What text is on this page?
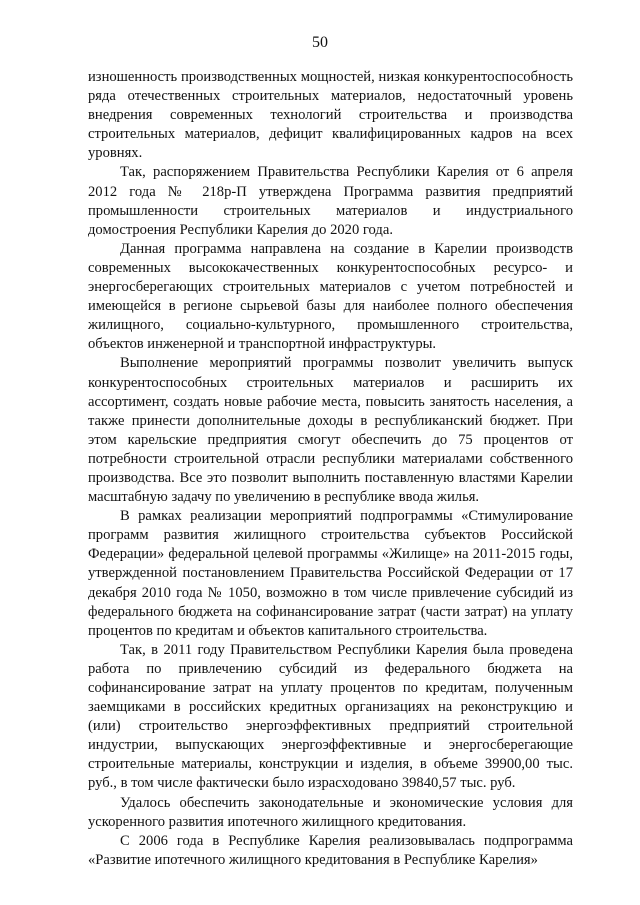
50

изношенность производственных мощностей, низкая конкурентоспособность ряда отечественных строительных материалов, недостаточный уровень внедрения современных технологий строительства и производства строительных материалов, дефицит квалифицированных кадров на всех уровнях.

Так, распоряжением Правительства Республики Карелия от 6 апреля 2012 года № 218р-П утверждена Программа развития предприятий промышленности строительных материалов и индустриального домостроения Республики Карелия до 2020 года.

Данная программа направлена на создание в Карелии производств современных высококачественных конкурентоспособных ресурсо- и энергосберегающих строительных материалов с учетом потребностей и имеющейся в регионе сырьевой базы для наиболее полного обеспечения жилищного, социально-культурного, промышленного строительства, объектов инженерной и транспортной инфраструктуры.

Выполнение мероприятий программы позволит увеличить выпуск конкурентоспособных строительных материалов и расширить их ассортимент, создать новые рабочие места, повысить занятость населения, а также принести дополнительные доходы в республиканский бюджет. При этом карельские предприятия смогут обеспечить до 75 процентов от потребности строительной отрасли республики материалами собственного производства. Все это позволит выполнить поставленную властями Карелии масштабную задачу по увеличению в республике ввода жилья.

В рамках реализации мероприятий подпрограммы «Стимулирование программ развития жилищного строительства субъектов Российской Федерации» федеральной целевой программы «Жилище» на 2011-2015 годы, утвержденной постановлением Правительства Российской Федерации от 17 декабря 2010 года № 1050, возможно в том числе привлечение субсидий из федерального бюджета на софинансирование затрат (части затрат) на уплату процентов по кредитам и объектов капитального строительства.

Так, в 2011 году Правительством Республики Карелия была проведена работа по привлечению субсидий из федерального бюджета на софинансирование затрат на уплату процентов по кредитам, полученным заемщиками в российских кредитных организациях на реконструкцию и (или) строительство энергоэффективных предприятий строительной индустрии, выпускающих энергоэффективные и энергосберегающие строительные материалы, конструкции и изделия, в объеме 39900,00 тыс. руб., в том числе фактически было израсходовано 39840,57 тыс. руб.

Удалось обеспечить законодательные и экономические условия для ускоренного развития ипотечного жилищного кредитования.

С 2006 года в Республике Карелия реализовывалась подпрограмма «Развитие ипотечного жилищного кредитования в Республике Карелия»
